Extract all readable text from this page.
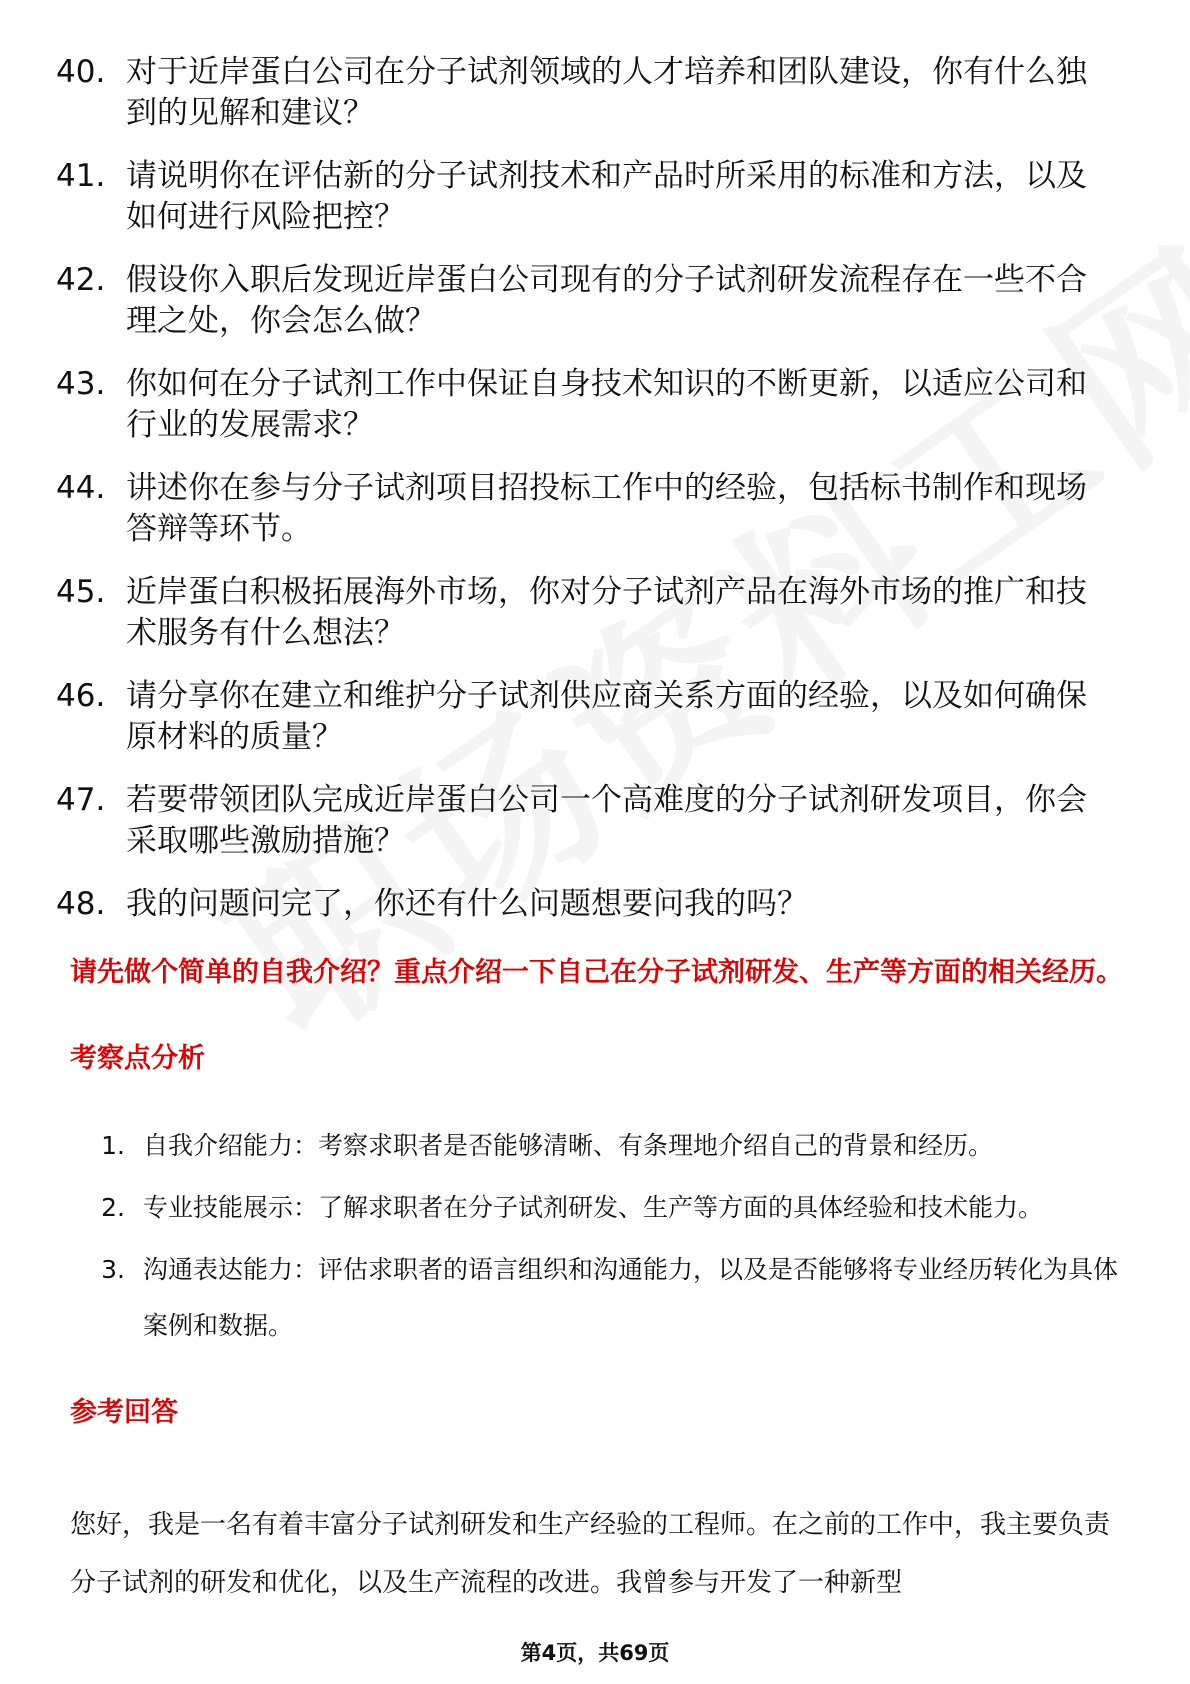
40. 对于近岸蛋白公司在分子试剂领域的人才培养和团队建设，你有什么独到的见解和建议？
41. 请说明你在评估新的分子试剂技术和产品时所采用的标准和方法，以及如何进行风险把控？
42. 假设你入职后发现近岸蛋白公司现有的分子试剂研发流程存在一些不合理之处，你会怎么做？
43. 你如何在分子试剂工作中保证自身技术知识的不断更新，以适应公司和行业的发展需求？
44. 讲述你在参与分子试剂项目招投标工作中的经验，包括标书制作和现场答辩等环节。
45. 近岸蛋白积极拓展海外市场，你对分子试剂产品在海外市场的推广和技术服务有什么想法？
46. 请分享你在建立和维护分子试剂供应商关系方面的经验，以及如何确保原材料的质量？
47. 若要带领团队完成近岸蛋白公司一个高难度的分子试剂研发项目，你会采取哪些激励措施？
48. 我的问题问完了，你还有什么问题想要问我的吗？
请先做个简单的自我介绍？重点介绍一下自己在分子试剂研发、生产等方面的相关经历。
考察点分析
1. 自我介绍能力：考察求职者是否能够清晰、有条理地介绍自己的背景和经历。
2. 专业技能展示：了解求职者在分子试剂研发、生产等方面的具体经验和技术能力。
3. 沟通表达能力：评估求职者的语言组织和沟通能力，以及是否能够将专业经历转化为具体案例和数据。
参考回答
您好，我是一名有着丰富分子试剂研发和生产经验的工程师。在之前的工作中，我主要负责分子试剂的研发和优化，以及生产流程的改进。我曾参与开发了一种新型
第4页，共69页
